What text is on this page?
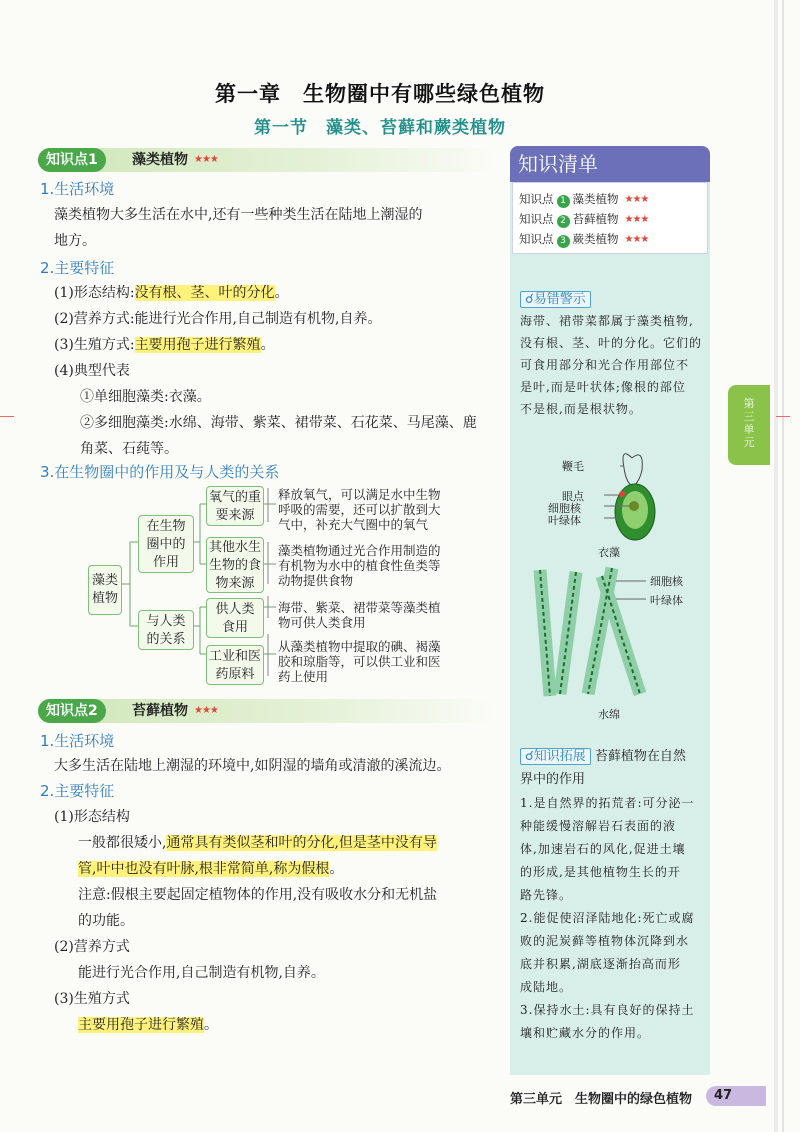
第一章　生物圈中有哪些绿色植物
第一节　藻类、苔藓和蕨类植物
知识点1	藻类植物 ★★★
1.生活环境
藻类植物大多生活在水中,还有一些种类生活在陆地上潮湿的
地方。
2.主要特征
(1)形态结构:没有根、茎、叶的分化。
(2)营养方式:能进行光合作用,自己制造有机物,自养。
(3)生殖方式:主要用孢子进行繁殖。
(4)典型代表
①单细胞藻类:衣藻。
②多细胞藻类:水绵、海带、紫菜、裙带菜、石花菜、马尾藻、鹿
角菜、石莼等。
3.在生物圈中的作用及与人类的关系
藻类
植物
在生物
圈中的
作用
与人类
的关系
氧气的重
要来源
其他水生
生物的食
物来源
供人类
食用
工业和医
药原料
释放氧气，可以满足水中生物
呼吸的需要，还可以扩散到大
气中，补充大气圈中的氧气
藻类植物通过光合作用制造的
有机物为水中的植食性鱼类等
动物提供食物
海带、紫菜、裙带菜等藻类植
物可供人类食用
从藻类植物中提取的碘、褐藻
胶和琼脂等，可以供工业和医
药上使用
知识点2	苔藓植物 ★★★
1.生活环境
大多生活在陆地上潮湿的环境中,如阴湿的墙角或清澈的溪流边。
2.主要特征
(1)形态结构
一般都很矮小,通常具有类似茎和叶的分化,但是茎中没有导
管,叶中也没有叶脉,根非常简单,称为假根。
注意:假根主要起固定植物体的作用,没有吸收水分和无机盐
的功能。
(2)营养方式
能进行光合作用,自己制造有机物,自养。
(3)生殖方式
主要用孢子进行繁殖。
知识清单
知识点 1 藻类植物 ★★★
知识点 2 苔藓植物 ★★★
知识点 3 蕨类植物 ★★★
☌易错警示
海带、裙带菜都属于藻类植物,
没有根、茎、叶的分化。它们的
可食用部分和光合作用部位不
是叶,而是叶状体;像根的部位
不是根,而是根状物。
鞭毛
眼点
细胞核
叶绿体
衣藻
细胞核
叶绿体
水绵
☌知识拓展 苔藓植物在自然
界中的作用
1.是自然界的拓荒者:可分泌一
种能缓慢溶解岩石表面的液
体,加速岩石的风化,促进土壤
的形成,是其他植物生长的开
路先锋。
2.能促使沼泽陆地化:死亡或腐
败的泥炭藓等植物体沉降到水
底并积累,湖底逐渐抬高而形
成陆地。
3.保持水土:具有良好的保持土
壤和贮藏水分的作用。
第三单元
第三单元　生物圈中的绿色植物	47
